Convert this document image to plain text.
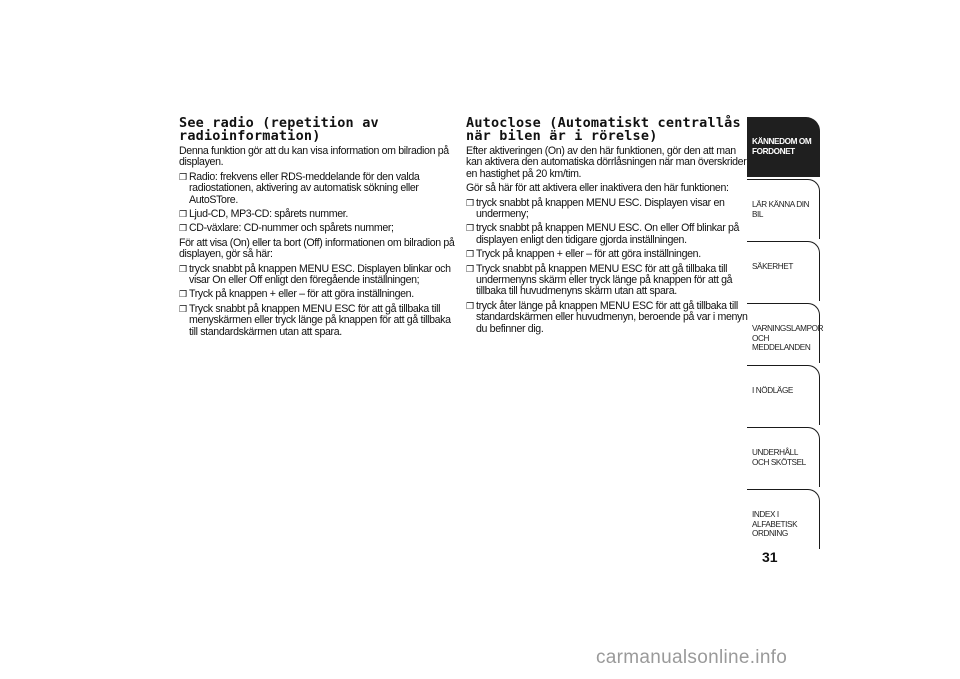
See radio (repetition av radioinformation)

Denna funktion gör att du kan visa information om bilradion på displayen.

❒ Radio: frekvens eller RDS-meddelande för den valda radiostationen, aktivering av automatisk sökning eller AutoSTore.
❒ Ljud-CD, MP3-CD: spårets nummer.
❒ CD-växlare: CD-nummer och spårets nummer;

För att visa (On) eller ta bort (Off) informationen om bilradion på displayen, gör så här:

❒ tryck snabbt på knappen MENU ESC. Displayen blinkar och visar On eller Off enligt den föregående inställningen;
❒ Tryck på knappen + eller – för att göra inställningen.
❒ Tryck snabbt på knappen MENU ESC för att gå tillbaka till menyskärmen eller tryck länge på knappen för att gå tillbaka till standardskärmen utan att spara.
Autoclose (Automatiskt centrallås när bilen är i rörelse)

Efter aktiveringen (On) av den här funktionen, gör den att man kan aktivera den automatiska dörrlåsningen när man överskrider en hastighet på 20 km/tim.

Gör så här för att aktivera eller inaktivera den här funktionen:

❒ tryck snabbt på knappen MENU ESC. Displayen visar en undermeny;
❒ tryck snabbt på knappen MENU ESC. On eller Off blinkar på displayen enligt den tidigare gjorda inställningen.
❒ Tryck på knappen + eller – för att göra inställningen.
❒ Tryck snabbt på knappen MENU ESC för att gå tillbaka till undermenyns skärm eller tryck länge på knappen för att gå tillbaka till huvudmenyns skärm utan att spara.
❒ tryck åter länge på knappen MENU ESC för att gå tillbaka till standardskärmen eller huvudmenyn, beroende på var i menyn du befinner dig.
KÄNNEDOM OM FORDONET
LÄR KÄNNA DIN BIL
SÄKERHET
VARNINGSLAMPOR OCH MEDDELANDEN
I NÖDLÄGE
UNDERHÅLL OCH SKÖTSEL
INDEX I ALFABETISK ORDNING
31
carmanualsonline.info
